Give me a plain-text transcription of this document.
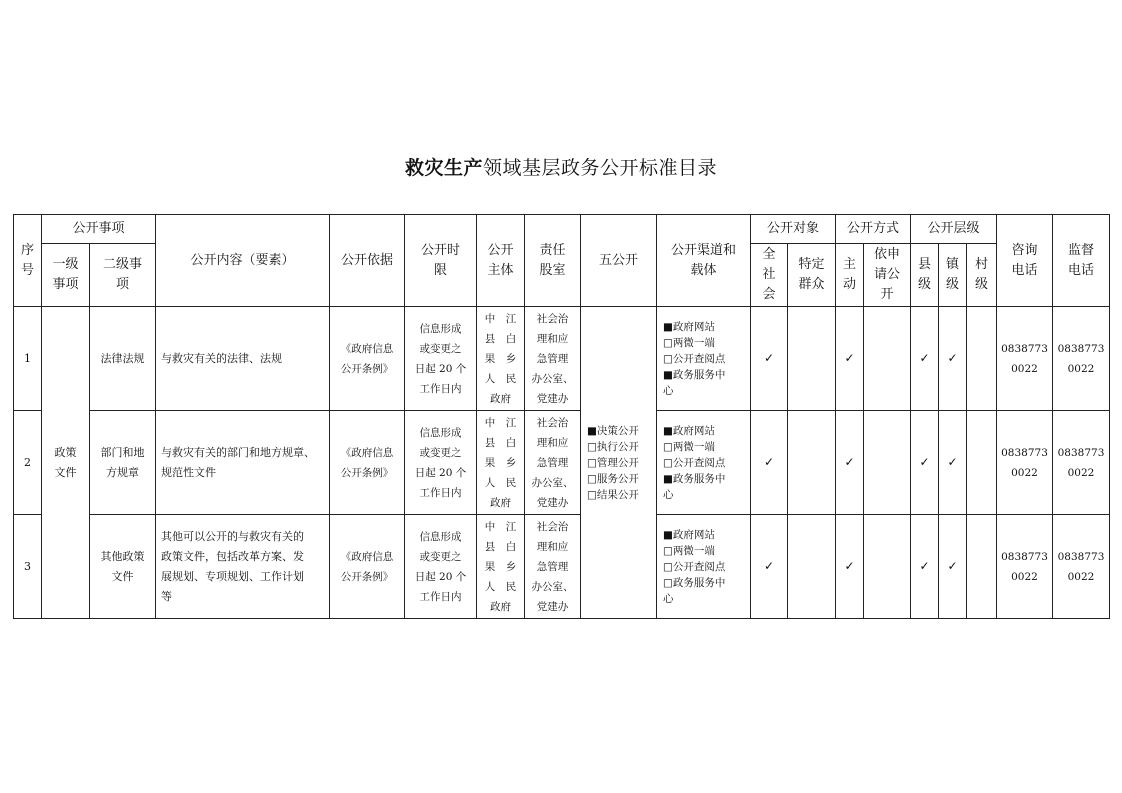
救灾生产领域基层政务公开标准目录
序
号	公开事项		公开内容（要素）	公开依据	公开时
限	公开
主体	责任
股室	五公开	公开渠道和
载体	公开对象		公开方式		公开层级			咨询
电话	监督
电话
	一级
事项	二级事
项								全
社
会	特定
群众	主
动	依申
请公
开	县
级	镇
级	村
级		
1	政策
文件	法律法规	与救灾有关的法律、法规	《政府信息
公开条例》	信息形成
或变更之
日起 20 个
工作日内	中　江
县　白
果　乡
人　民
政府	社会治
理和应
急管理
办公室、
党建办	■决策公开
□执行公开
□管理公开
□服务公开
□结果公开	■政府网站
□两微一端
□公开查阅点
■政务服务中
心	✓		✓		✓	✓		0838773
0022	0838773
0022
2		部门和地
方规章	与救灾有关的部门和地方规章、
规范性文件	《政府信息
公开条例》	信息形成
或变更之
日起 20 个
工作日内	中　江
县　白
果　乡
人　民
政府	社会治
理和应
急管理
办公室、
党建办		■政府网站
□两微一端
□公开查阅点
■政务服务中
心	✓		✓		✓	✓		0838773
0022	0838773
0022
3		其他政策
文件	其他可以公开的与救灾有关的
政策文件，包括改革方案、发
展规划、专项规划、工作计划
等	《政府信息
公开条例》	信息形成
或变更之
日起 20 个
工作日内	中　江
县　白
果　乡
人　民
政府	社会治
理和应
急管理
办公室、
党建办		■政府网站
□两微一端
□公开查阅点
□政务服务中
心	✓		✓		✓	✓		0838773
0022	0838773
0022
